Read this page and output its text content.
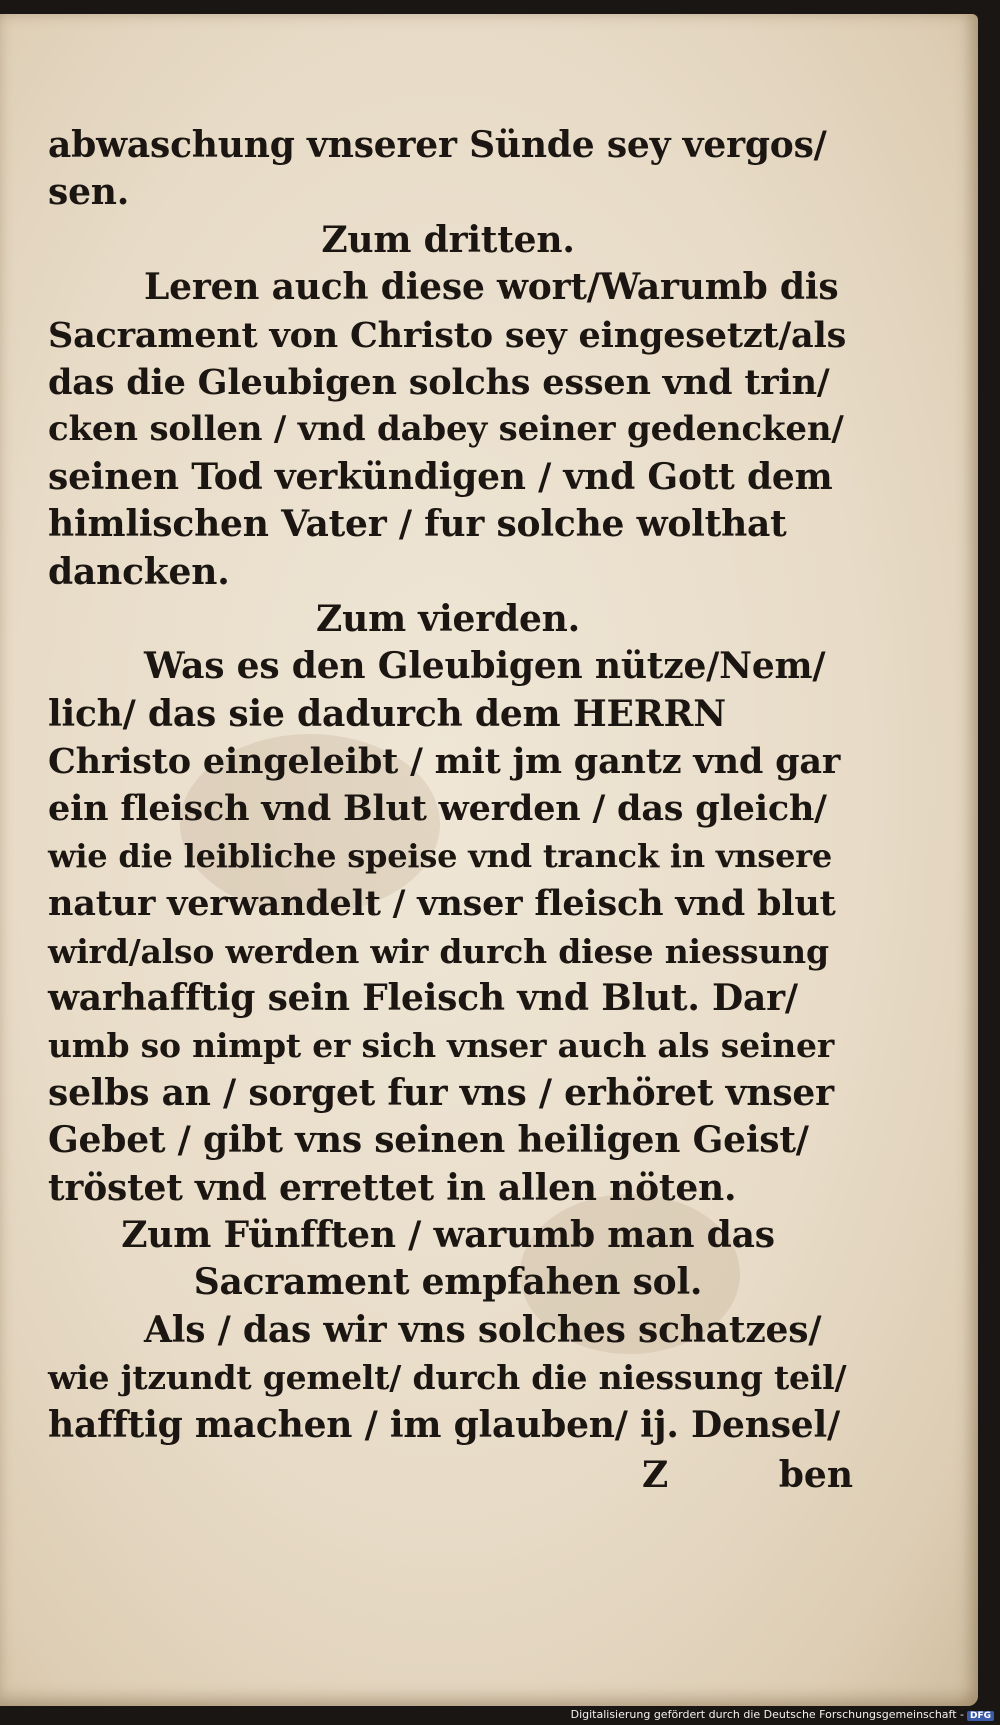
abwaschung vnserer Sünde sey vergos/
sen.
Zum dritten.
Leren auch diese wort/Warumb dis
Sacrament von Christo sey eingesetzt/als
das die Gleubigen solchs essen vnd trin/
cken sollen / vnd dabey seiner gedencken/
seinen Tod verkündigen / vnd Gott dem
himlischen Vater / fur solche wolthat
dancken.
Zum vierden.
Was es den Gleubigen nütze/Nem/
lich/ das sie dadurch dem HERRN
Christo eingeleibt / mit jm gantz vnd gar
ein fleisch vnd Blut werden / das gleich/
wie die leibliche speise vnd tranck in vnsere
natur verwandelt / vnser fleisch vnd blut
wird/also werden wir durch diese niessung
warhafftig sein Fleisch vnd Blut. Dar/
umb so nimpt er sich vnser auch als seiner
selbs an / sorget fur vns / erhöret vnser
Gebet / gibt vns seinen heiligen Geist/
tröstet vnd errettet in allen nöten.
Zum Fünfften / warumb man das
Sacrament empfahen sol.
Als / das wir vns solches schatzes/
wie jtzundt gemelt/ durch die niessung teil/
hafftig machen / im glauben/ ij. Densel/
Z	ben
Digitalisierung gefördert durch die Deutsche Forschungsgemeinschaft - DFG
